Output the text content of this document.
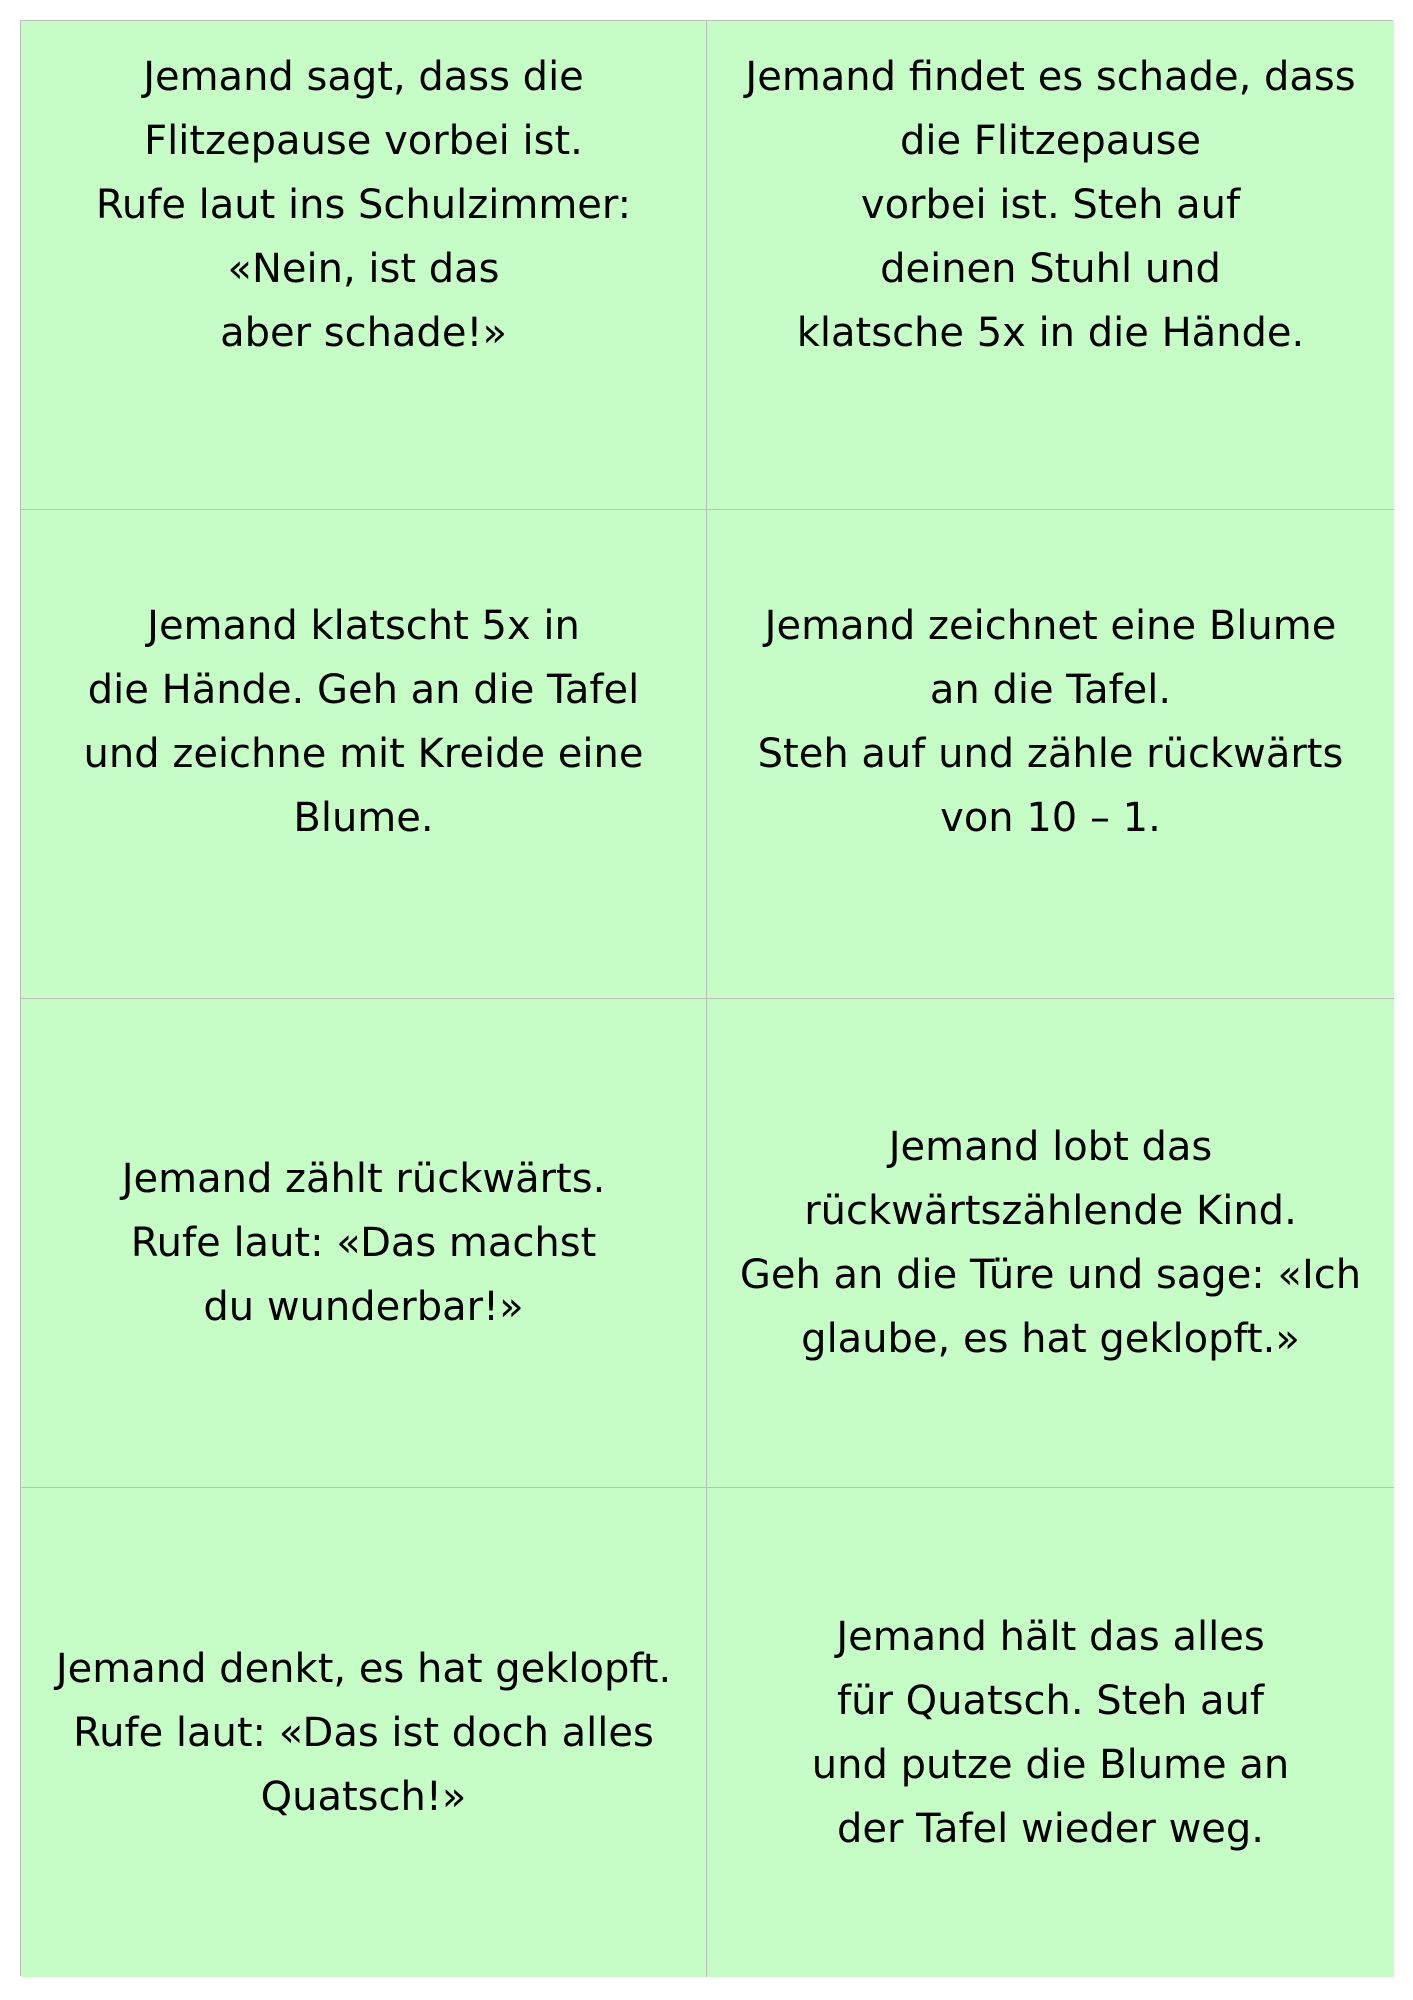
Jemand sagt, dass die
Flitzepause vorbei ist.
Rufe laut ins Schulzimmer:
«Nein, ist das
aber schade!»

Jemand findet es schade, dass
die Flitzepause
vorbei ist. Steh auf
deinen Stuhl und
klatsche 5x in die Hände.

Jemand klatscht 5x in
die Hände. Geh an die Tafel
und zeichne mit Kreide eine
Blume.

Jemand zeichnet eine Blume
an die Tafel.
Steh auf und zähle rückwärts
von 10 – 1.

Jemand zählt rückwärts.
Rufe laut: «Das machst
du wunderbar!»

Jemand lobt das
rückwärtszählende Kind.
Geh an die Türe und sage: «Ich
glaube, es hat geklopft.»

Jemand denkt, es hat geklopft.
Rufe laut: «Das ist doch alles
Quatsch!»

Jemand hält das alles
für Quatsch. Steh auf
und putze die Blume an
der Tafel wieder weg.
